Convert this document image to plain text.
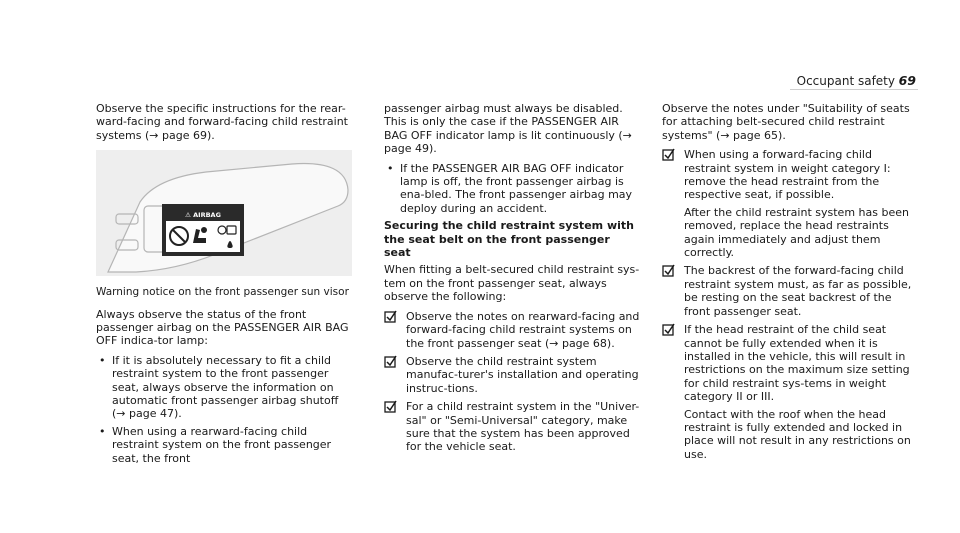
Occupant safety 69

Observe the specific instructions for the rear-ward-facing and forward-facing child restraint systems (→ page 69).

⚠ AIRBAG

Warning notice on the front passenger sun visor

Always observe the status of the front passenger airbag on the PASSENGER AIR BAG OFF indica-tor lamp:

• If it is absolutely necessary to fit a child restraint system to the front passenger seat, always observe the information on automatic front passenger airbag shutoff (→ page 47).
• When using a rearward-facing child restraint system on the front passenger seat, the front

passenger airbag must always be disabled. This is only the case if the PASSENGER AIR BAG OFF indicator lamp is lit continuously (→ page 49).

• If the PASSENGER AIR BAG OFF indicator lamp is off, the front passenger airbag is ena-bled. The front passenger airbag may deploy during an accident.

Securing the child restraint system with the seat belt on the front passenger seat

When fitting a belt-secured child restraint sys-tem on the front passenger seat, always observe the following:

Observe the notes on rearward-facing and forward-facing child restraint systems on the front passenger seat (→ page 68).
Observe the child restraint system manufac-turer's installation and operating instruc-tions.
For a child restraint system in the "Univer-sal" or "Semi-Universal" category, make sure that the system has been approved for the vehicle seat.

Observe the notes under "Suitability of seats for attaching belt-secured child restraint systems" (→ page 65).

When using a forward-facing child restraint system in weight category I: remove the head restraint from the respective seat, if possible.
After the child restraint system has been removed, replace the head restraints again immediately and adjust them correctly.
The backrest of the forward-facing child restraint system must, as far as possible, be resting on the seat backrest of the front passenger seat.
If the head restraint of the child seat cannot be fully extended when it is installed in the vehicle, this will result in restrictions on the maximum size setting for child restraint sys-tems in weight category II or III.
Contact with the roof when the head restraint is fully extended and locked in place will not result in any restrictions on use.
